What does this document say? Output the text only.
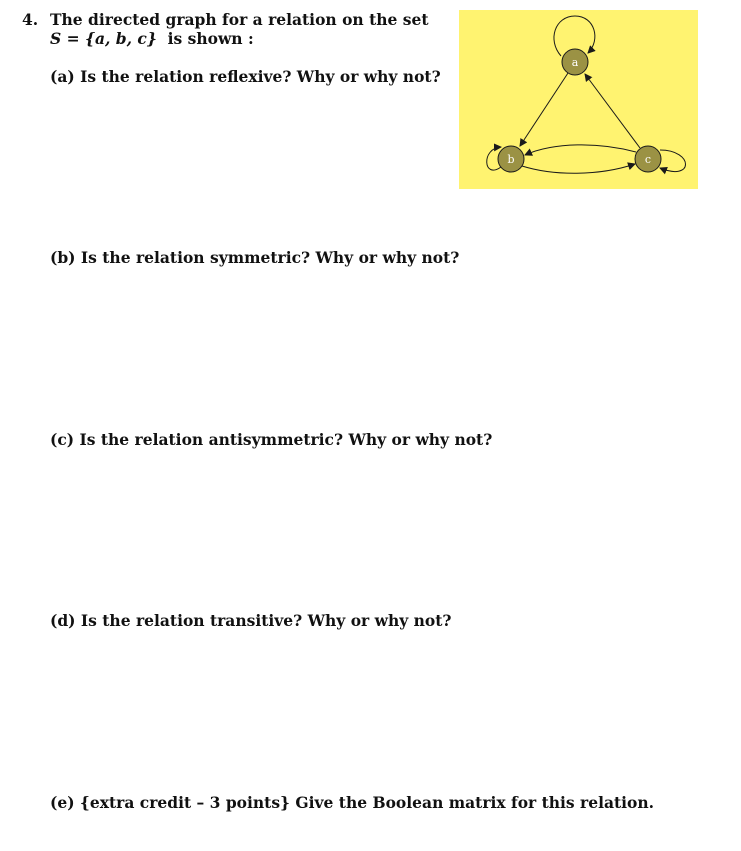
4. The directed graph for a relation on the set
S = {a, b, c} is shown :
(a) Is the relation reflexive? Why or why not?
(b) Is the relation symmetric? Why or why not?
(c) Is the relation antisymmetric? Why or why not?
(d) Is the relation transitive? Why or why not?
(e) {extra credit – 3 points} Give the Boolean matrix for this relation.
a
b	c
